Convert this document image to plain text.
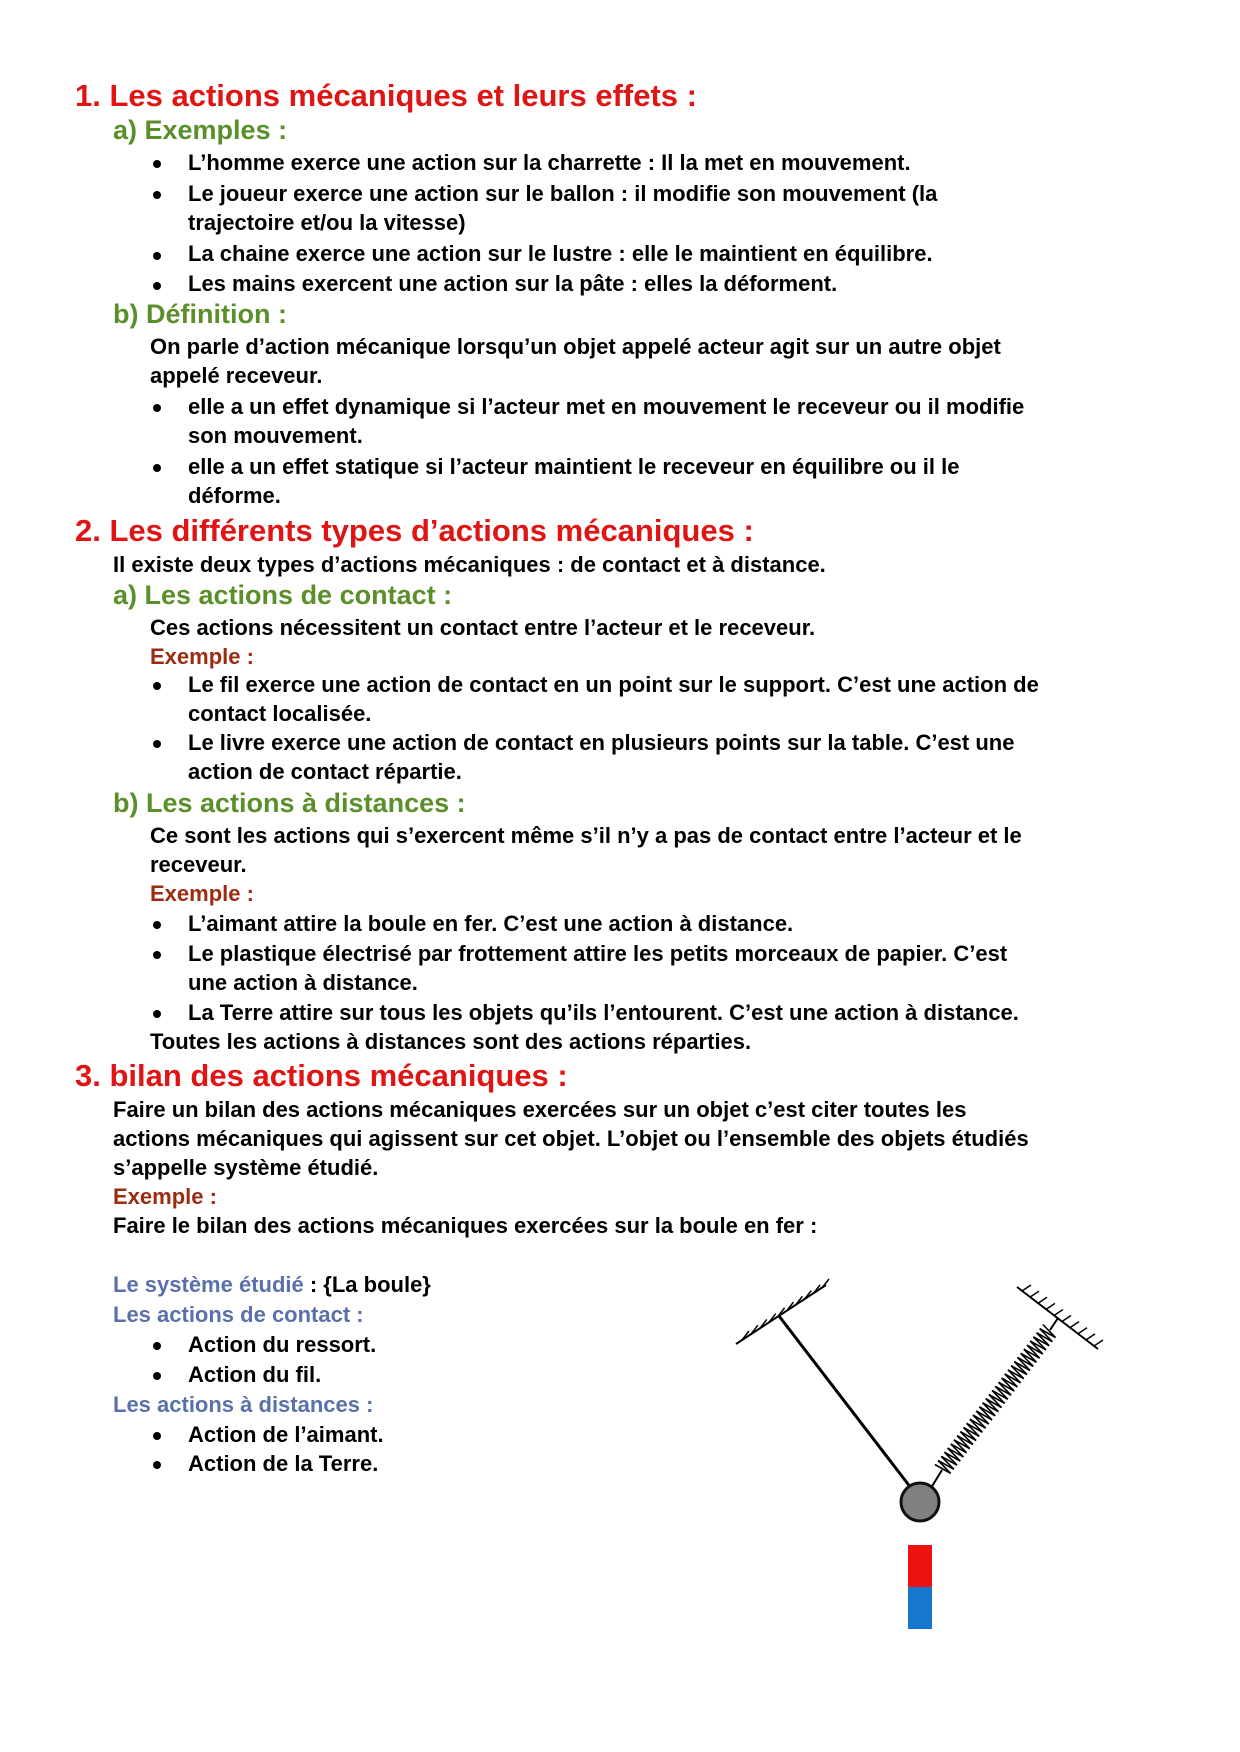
1. Les actions mécaniques et leurs effets :

a) Exemples :

L’homme exerce une action sur la charrette : Il la met en mouvement.

Le joueur exerce une action sur le ballon : il modifie son mouvement (la

trajectoire et/ou la vitesse)

La chaine exerce une action sur le lustre : elle le maintient en équilibre.

Les mains exercent une action sur la pâte : elles la déforment.

b) Définition :

On parle d’action mécanique lorsqu’un objet appelé acteur agit sur un autre objet

appelé receveur.

elle a un effet dynamique si l’acteur met en mouvement le receveur ou il modifie

son mouvement.

elle a un effet statique si l’acteur maintient le receveur en équilibre ou il le

déforme.

2. Les différents types d’actions mécaniques :

Il existe deux types d’actions mécaniques : de contact et à distance.

a) Les actions de contact :

Ces actions nécessitent un contact entre l’acteur et le receveur.

Exemple :

Le fil exerce une action de contact en un point sur le support. C’est une action de

contact localisée.

Le livre exerce une action de contact en plusieurs points sur la table. C’est une

action de contact répartie.

b) Les actions à distances :

Ce sont les actions qui s’exercent même s’il n’y a pas de contact entre l’acteur et le

receveur.

Exemple :

L’aimant attire la boule en fer. C’est une action à distance.

Le plastique électrisé par frottement attire les petits morceaux de papier. C’est

une action à distance.

La Terre attire sur tous les objets qu’ils l’entourent. C’est une action à distance.

Toutes les actions à distances sont des actions réparties.

3. bilan des actions mécaniques :

Faire un bilan des actions mécaniques exercées sur un objet c’est citer toutes les

actions mécaniques qui agissent sur cet objet. L’objet ou l’ensemble des objets étudiés

s’appelle système étudié.

Exemple :

Faire le bilan des actions mécaniques exercées sur la boule en fer :

Le système étudié : {La boule}

Les actions de contact :

Action du ressort.

Action du fil.

Les actions à distances :

Action de l’aimant.

Action de la Terre.
